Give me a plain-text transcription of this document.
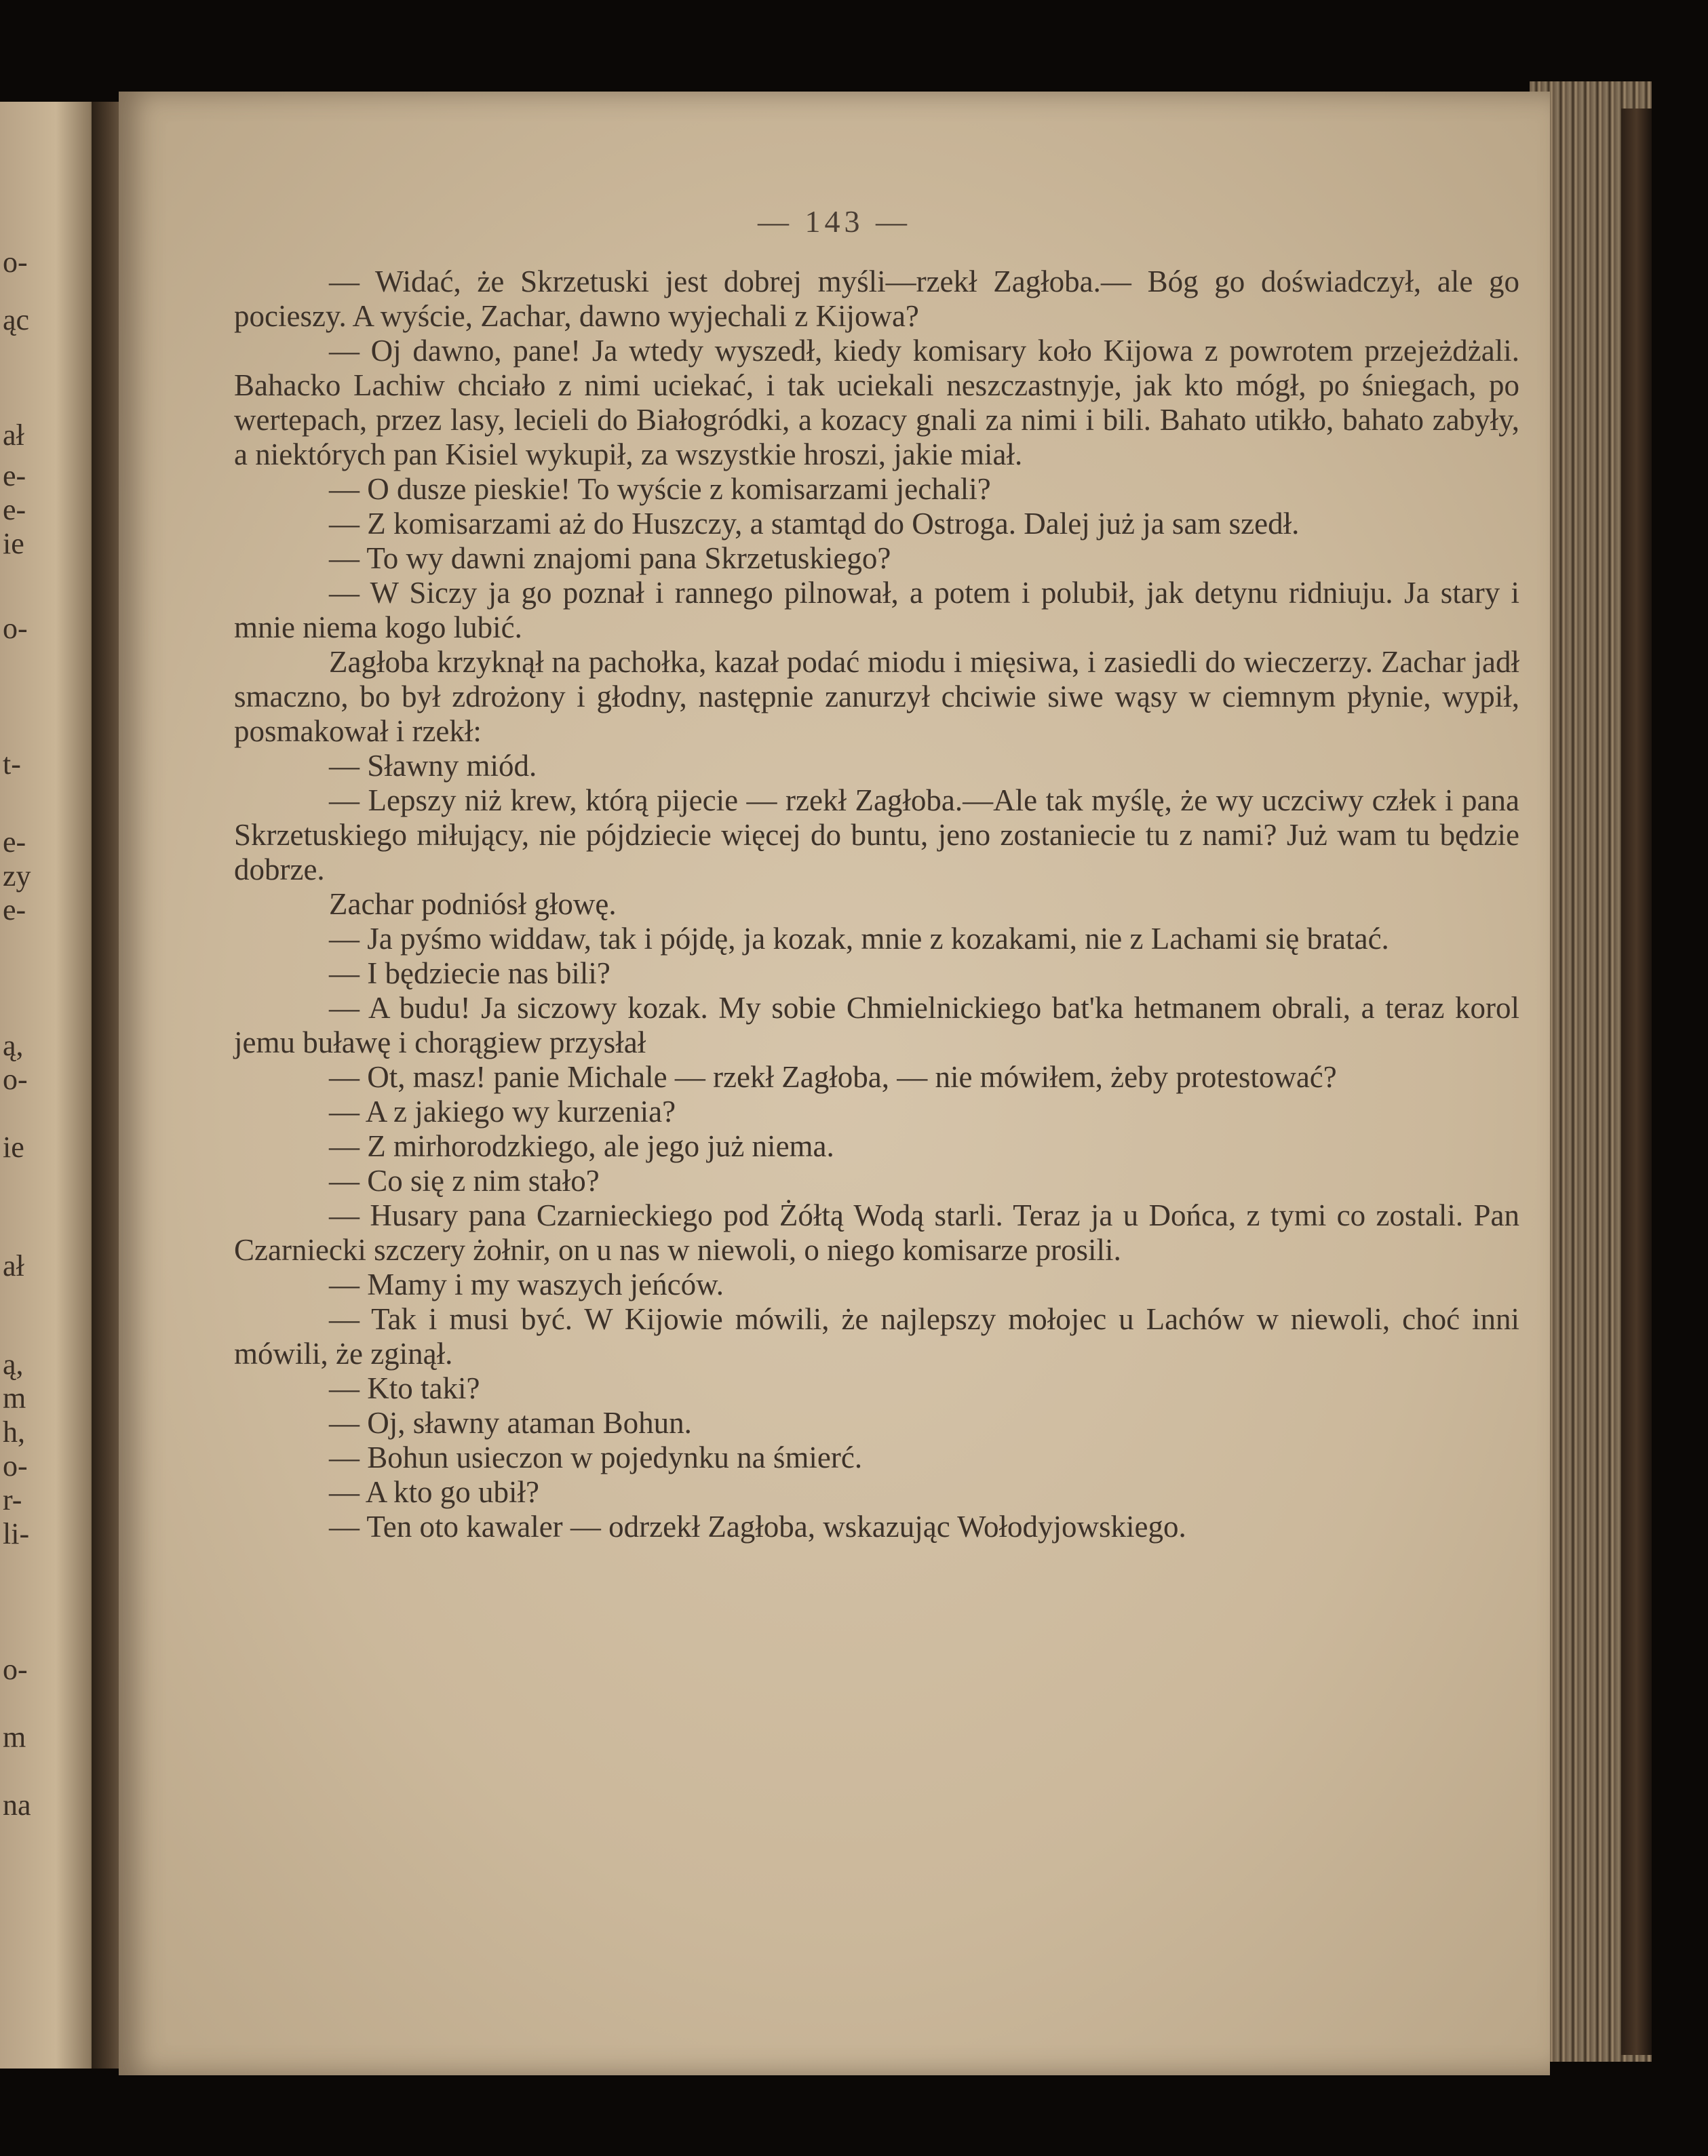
o-
ąc
ał
e-
e-
ie
o-
t-
e-
zy
e-
ą,
o-
ie
ał
ą,
m
h,
o-
r-
li-
o-
m
na
— 143 —

— Widać, że Skrzetuski jest dobrej myśli—rzekł Zagłoba.— Bóg go doświadczył, ale go pocieszy. A wyście, Zachar, dawno wyjechali z Kijowa?

— Oj dawno, pane! Ja wtedy wyszedł, kiedy komisary koło Kijowa z powrotem przejeżdżali. Bahacko Lachiw chciało z nimi uciekać, i tak uciekali neszczastnyje, jak kto mógł, po śniegach, po wertepach, przez lasy, lecieli do Białogródki, a kozacy gnali za nimi i bili. Bahato utikło, bahato zabyły, a niektórych pan Kisiel wykupił, za wszystkie hroszi, jakie miał.

— O dusze pieskie! To wyście z komisarzami jechali?

— Z komisarzami aż do Huszczy, a stamtąd do Ostroga. Dalej już ja sam szedł.

— To wy dawni znajomi pana Skrzetuskiego?

— W Siczy ja go poznał i rannego pilnował, a potem i polubił, jak detynu ridniuju. Ja stary i mnie niema kogo lubić.

Zagłoba krzyknął na pachołka, kazał podać miodu i mięsiwa, i zasiedli do wieczerzy. Zachar jadł smaczno, bo był zdrożony i głodny, następnie zanurzył chciwie siwe wąsy w ciemnym płynie, wypił, posmakował i rzekł:

— Sławny miód.

— Lepszy niż krew, którą pijecie — rzekł Zagłoba.—Ale tak myślę, że wy uczciwy człek i pana Skrzetuskiego miłujący, nie pójdziecie więcej do buntu, jeno zostaniecie tu z nami? Już wam tu będzie dobrze.

Zachar podniósł głowę.

— Ja pyśmo widdaw, tak i pójdę, ja kozak, mnie z kozakami, nie z Lachami się bratać.

— I będziecie nas bili?

— A budu! Ja siczowy kozak. My sobie Chmielnickiego bat'ka hetmanem obrali, a teraz korol jemu buławę i chorągiew przysłał

— Ot, masz! panie Michale — rzekł Zagłoba, — nie mówiłem, żeby protestować?

— A z jakiego wy kurzenia?

— Z mirhorodzkiego, ale jego już niema.

— Co się z nim stało?

— Husary pana Czarnieckiego pod Żółtą Wodą starli. Teraz ja u Dońca, z tymi co zostali. Pan Czarniecki szczery żołnir, on u nas w niewoli, o niego komisarze prosili.

— Mamy i my waszych jeńców.

— Tak i musi być. W Kijowie mówili, że najlepszy mołojec u Lachów w niewoli, choć inni mówili, że zginął.

— Kto taki?

— Oj, sławny ataman Bohun.

— Bohun usieczon w pojedynku na śmierć.

— A kto go ubił?

— Ten oto kawaler — odrzekł Zagłoba, wskazując Wołodyjowskiego.
